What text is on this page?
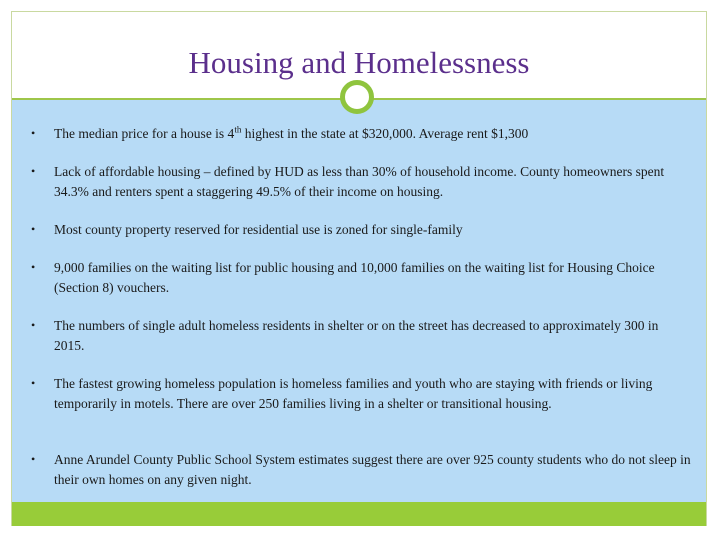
Housing and Homelessness
• The median price for a house is 4th highest in the state at $320,000. Average rent $1,300
• Lack of affordable housing – defined by HUD as less than 30% of household income. County homeowners spent 34.3% and renters spent a staggering 49.5% of their income on housing.
• Most county property reserved for residential use is zoned for single-family
• 9,000 families on the waiting list for public housing and 10,000 families on the waiting list for Housing Choice (Section 8) vouchers.
• The numbers of single adult homeless residents in shelter or on the street has decreased to approximately 300 in 2015.
• The fastest growing homeless population is homeless families and youth who are staying with friends or living temporarily in motels. There are over 250 families living in a shelter or transitional housing.
• Anne Arundel County Public School System estimates suggest there are over 925 county students who do not sleep in their own homes on any given night.
